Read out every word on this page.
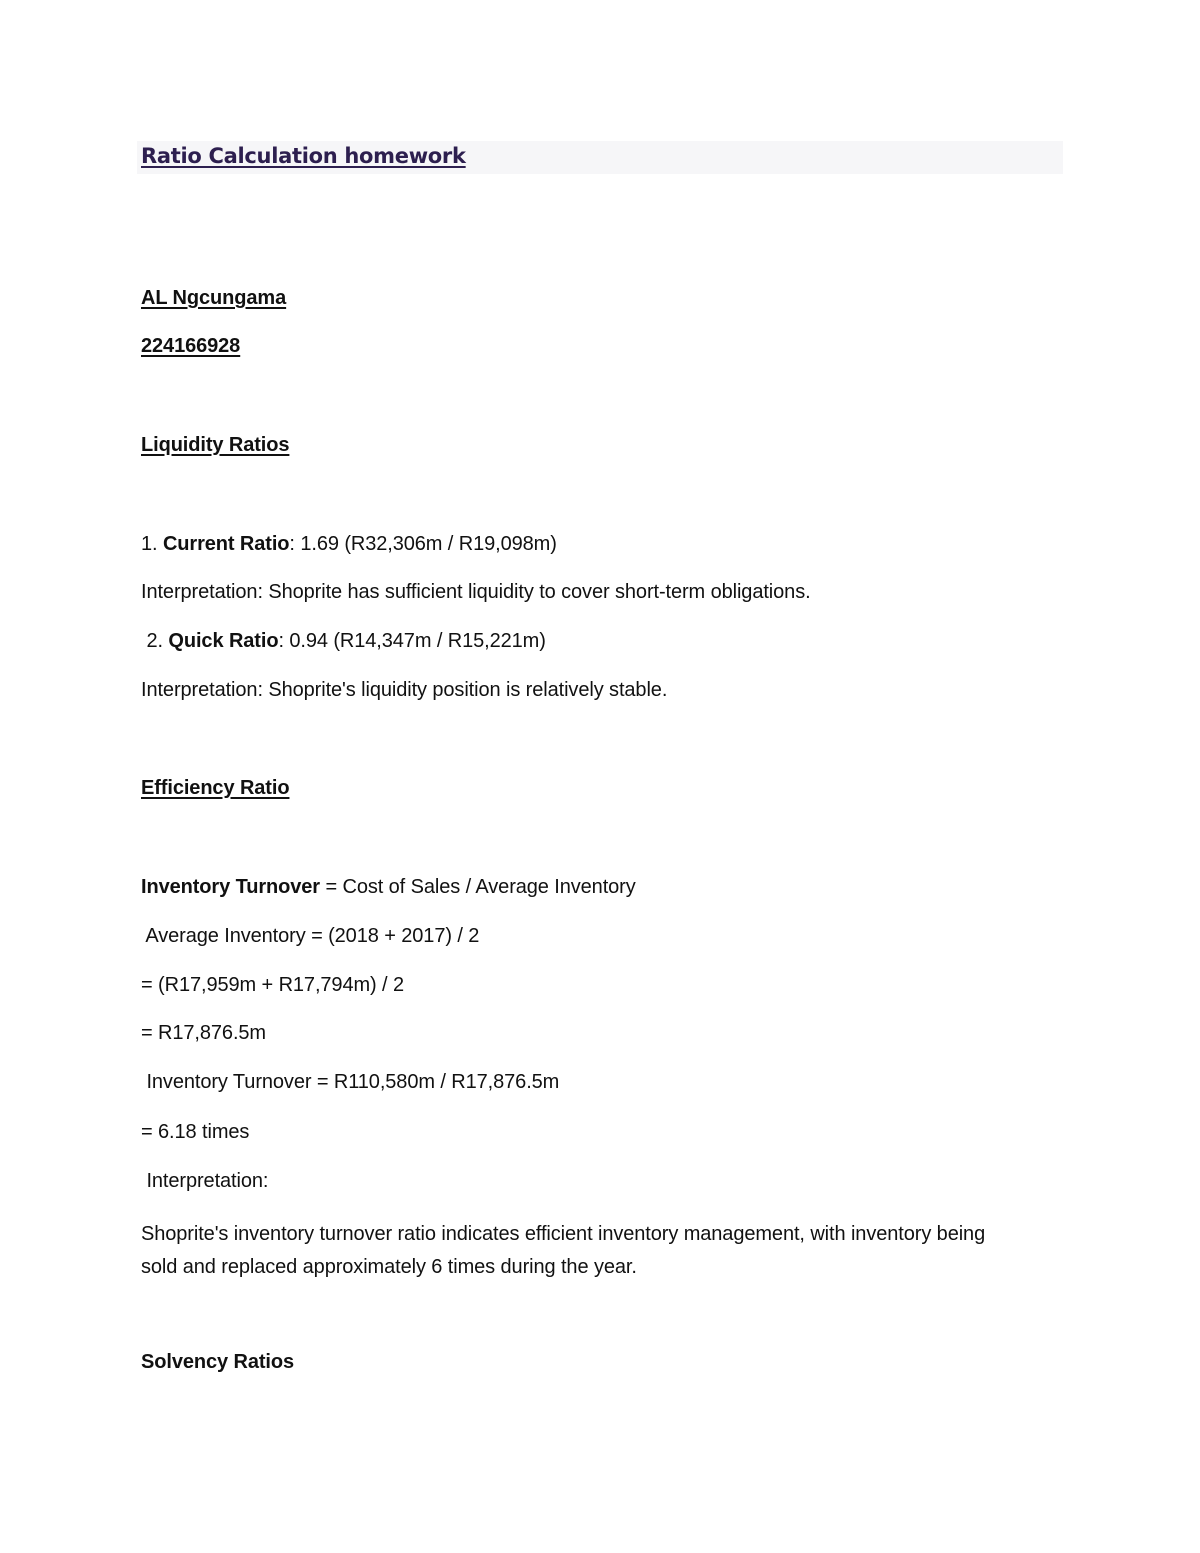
Ratio Calculation homework
AL Ngcungama
224166928
Liquidity Ratios
1. Current Ratio: 1.69 (R32,306m / R19,098m)
Interpretation: Shoprite has sufficient liquidity to cover short-term obligations.
2. Quick Ratio: 0.94 (R14,347m / R15,221m)
Interpretation: Shoprite's liquidity position is relatively stable.
Efficiency Ratio
Inventory Turnover = Cost of Sales / Average Inventory
Average Inventory = (2018 + 2017) / 2
= (R17,959m + R17,794m) / 2
= R17,876.5m
Inventory Turnover = R110,580m / R17,876.5m
= 6.18 times
Interpretation:
Shoprite's inventory turnover ratio indicates efficient inventory management, with inventory being sold and replaced approximately 6 times during the year.
Solvency Ratios
